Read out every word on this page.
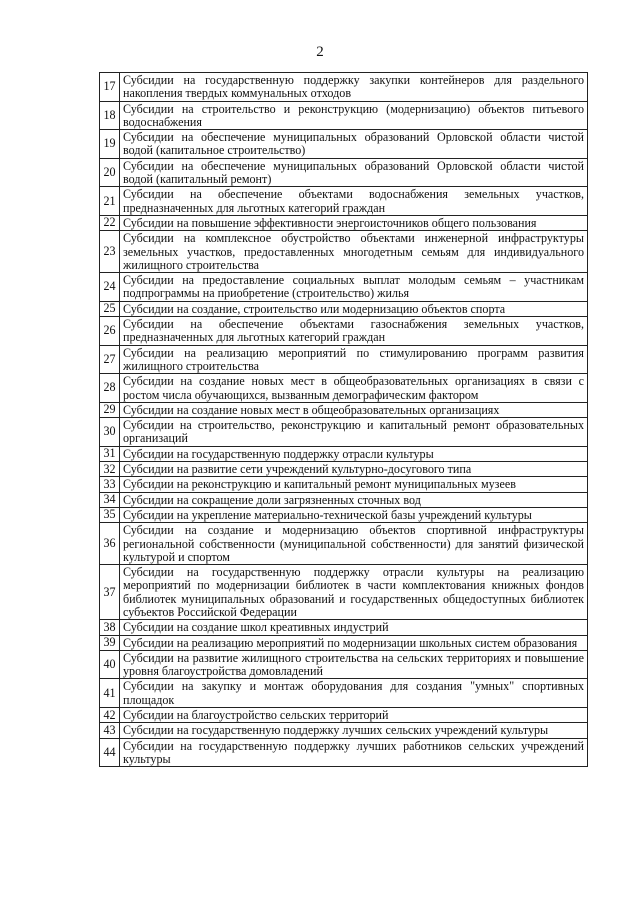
2
17	Субсидии на государственную поддержку закупки контейнеров для раздельного накопления твердых коммунальных отходов
18	Субсидии на строительство и реконструкцию (модернизацию) объектов питьевого водоснабжения
19	Субсидии на обеспечение муниципальных образований Орловской области чистой водой (капитальное строительство)
20	Субсидии на обеспечение муниципальных образований Орловской области чистой водой (капитальный ремонт)
21	Субсидии на обеспечение объектами водоснабжения земельных участков, предназначенных для льготных категорий граждан
22	Субсидии на повышение эффективности энергоисточников общего пользования
23	Субсидии на комплексное обустройство объектами инженерной инфраструктуры земельных участков, предоставленных многодетным семьям для индивидуального жилищного строительства
24	Субсидии на предоставление социальных выплат молодым семьям – участникам подпрограммы на приобретение (строительство) жилья
25	Субсидии на создание, строительство или модернизацию объектов спорта
26	Субсидии на обеспечение объектами газоснабжения земельных участков, предназначенных для льготных категорий граждан
27	Субсидии на реализацию мероприятий по стимулированию программ развития жилищного строительства
28	Субсидии на создание новых мест в общеобразовательных организациях в связи с ростом числа обучающихся, вызванным демографическим фактором
29	Субсидии на создание новых мест в общеобразовательных организациях
30	Субсидии на строительство, реконструкцию и капитальный ремонт образовательных организаций
31	Субсидии на государственную поддержку отрасли культуры
32	Субсидии на развитие сети учреждений культурно-досугового типа
33	Субсидии на реконструкцию и капитальный ремонт муниципальных музеев
34	Субсидии на сокращение доли загрязненных сточных вод
35	Субсидии на укрепление материально-технической базы учреждений культуры
36	Субсидии на создание и модернизацию объектов спортивной инфраструктуры региональной собственности (муниципальной собственности) для занятий физической культурой и спортом
37	Субсидии на государственную поддержку отрасли культуры на реализацию мероприятий по модернизации библиотек в части комплектования книжных фондов библиотек муниципальных образований и государственных общедоступных библиотек субъектов Российской Федерации
38	Субсидии на создание школ креативных индустрий
39	Субсидии на реализацию мероприятий по модернизации школьных систем образования
40	Субсидии на развитие жилищного строительства на сельских территориях и повышение уровня благоустройства домовладений
41	Субсидии на закупку и монтаж оборудования для создания "умных" спортивных площадок
42	Субсидии на благоустройство сельских территорий
43	Субсидии на государственную поддержку лучших сельских учреждений культуры
44	Субсидии на государственную поддержку лучших работников сельских учреждений культуры
